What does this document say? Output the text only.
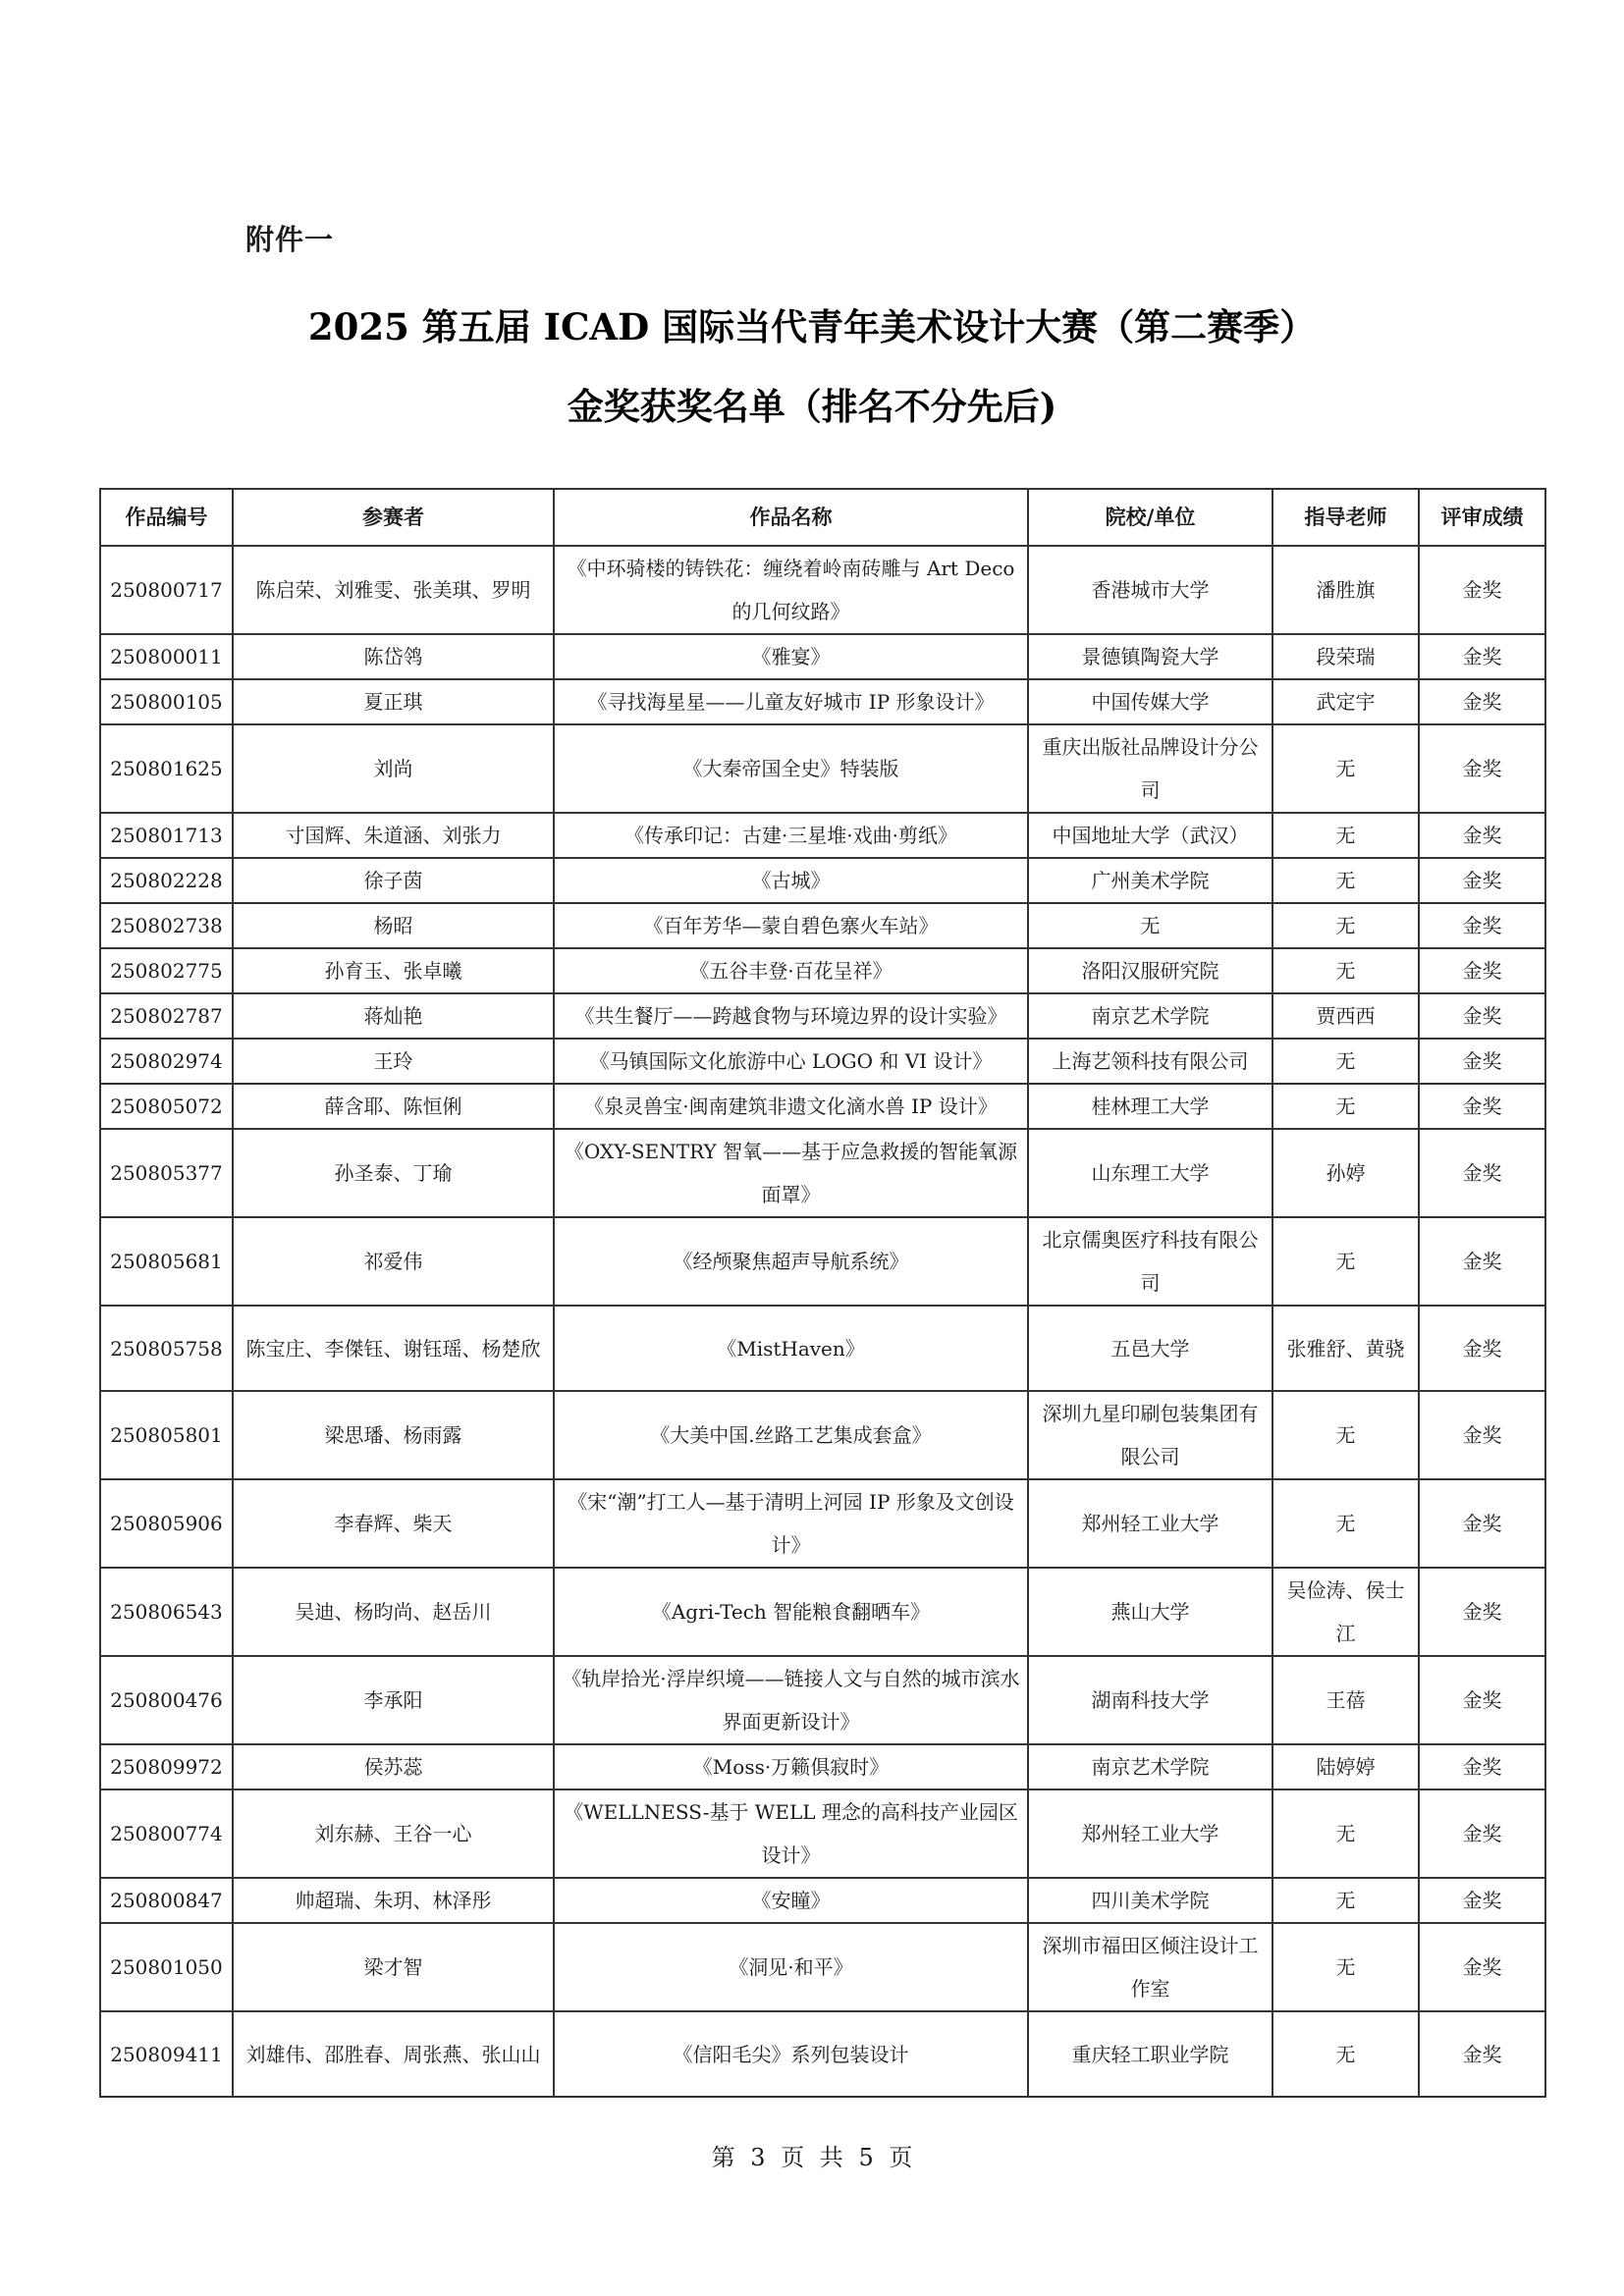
附件一
2025 第五届 ICAD 国际当代青年美术设计大赛（第二赛季）
金奖获奖名单（排名不分先后)
作品编号	参赛者	作品名称	院校/单位	指导老师	评审成绩
250800717	陈启荣、刘雅雯、张美琪、罗明	《中环骑楼的铸铁花：缠绕着岭南砖雕与 Art Deco 的几何纹路》	香港城市大学	潘胜旗	金奖
250800011	陈岱鸰	《雅宴》	景德镇陶瓷大学	段荣瑞	金奖
250800105	夏正琪	《寻找海星星——儿童友好城市 IP 形象设计》	中国传媒大学	武定宇	金奖
250801625	刘尚	《大秦帝国全史》特装版	重庆出版社品牌设计分公司	无	金奖
250801713	寸国辉、朱道涵、刘张力	《传承印记：古建·三星堆·戏曲·剪纸》	中国地址大学（武汉）	无	金奖
250802228	徐子茵	《古城》	广州美术学院	无	金奖
250802738	杨昭	《百年芳华—蒙自碧色寨火车站》	无	无	金奖
250802775	孙育玉、张卓曦	《五谷丰登·百花呈祥》	洛阳汉服研究院	无	金奖
250802787	蒋灿艳	《共生餐厅——跨越食物与环境边界的设计实验》	南京艺术学院	贾西西	金奖
250802974	王玲	《马镇国际文化旅游中心 LOGO 和 VI 设计》	上海艺领科技有限公司	无	金奖
250805072	薛含耶、陈恒俐	《泉灵兽宝·闽南建筑非遗文化滴水兽 IP 设计》	桂林理工大学	无	金奖
250805377	孙圣泰、丁瑜	《OXY-SENTRY 智氧——基于应急救援的智能氧源面罩》	山东理工大学	孙婷	金奖
250805681	祁爱伟	《经颅聚焦超声导航系统》	北京儒奥医疗科技有限公司	无	金奖
250805758	陈宝庄、李傑钰、谢钰瑶、杨楚欣	《MistHaven》	五邑大学	张雅舒、黄骁	金奖
250805801	梁思璠、杨雨露	《大美中国.丝路工艺集成套盒》	深圳九星印刷包装集团有限公司	无	金奖
250805906	李春辉、柴天	《宋“潮”打工人—基于清明上河园 IP 形象及文创设计》	郑州轻工业大学	无	金奖
250806543	吴迪、杨昀尚、赵岳川	《Agri-Tech 智能粮食翻晒车》	燕山大学	吴俭涛、侯士江	金奖
250800476	李承阳	《轨岸拾光·浮岸织境——链接人文与自然的城市滨水界面更新设计》	湖南科技大学	王蓓	金奖
250809972	侯苏蕊	《Moss·万籁俱寂时》	南京艺术学院	陆婷婷	金奖
250800774	刘东赫、王谷一心	《WELLNESS-基于 WELL 理念的高科技产业园区设计》	郑州轻工业大学	无	金奖
250800847	帅超瑞、朱玥、林泽彤	《安瞳》	四川美术学院	无	金奖
250801050	梁才智	《洞见·和平》	深圳市福田区倾注设计工作室	无	金奖
250809411	刘雄伟、邵胜春、周张燕、张山山	《信阳毛尖》系列包装设计	重庆轻工职业学院	无	金奖
第 3 页 共 5 页
